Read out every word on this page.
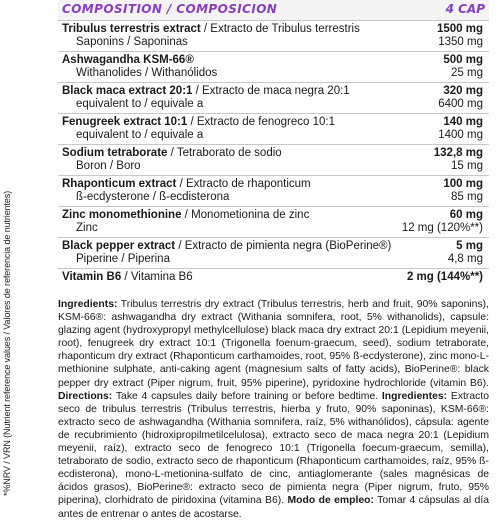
*%NRV / VRN (Nutrient reference values / Valores de referencia de nutrientes)
COMPOSITION / COMPOSICION	4 CAP
Tribulus terrestris extract / Extracto de Tribulus terrestris	1500 mg
Saponins / Saponinas	1350 mg
Ashwagandha KSM-66®	500 mg
Withanolides / Withanólidos	25 mg
Black maca extract 20:1 / Extracto de maca negra 20:1	320 mg
equivalent to / equivale a	6400 mg
Fenugreek extract 10:1 / Extracto de fenogreco 10:1	140 mg
equivalent to / equivale a	1400 mg
Sodium tetraborate / Tetraborato de sodio	132,8 mg
Boron / Boro	15 mg
Rhaponticum extract / Extracto de rhaponticum	100 mg
ß-ecdysterone / ß-ecdisterona	85 mg
Zinc monomethionine / Monometionina de zinc	60 mg
Zinc	12 mg (120%**)
Black pepper extract / Extracto de pimienta negra (BioPerine®)	5 mg
Piperine / Piperina	4,8 mg
Vitamin B6 / Vitamina B6	2 mg (144%**)

Ingredients: Tribulus terrestris dry extract (Tribulus terrestris, herb and fruit, 90% saponins), KSM-66®: ashwagandha dry extract (Withania somnifera, root, 5% withanolids), capsule: glazing agent (hydroxypropyl methylcellulose) black maca dry extract 20:1 (Lepidium meyenii, root), fenugreek dry extract 10:1 (Trigonella foenum-graecum, seed), sodium tetraborate, rhaponticum dry extract (Rhaponticum carthamoides, root, 95% ß-ecdysterone), zinc mono-L-methionine sulphate, anti-caking agent (magnesium salts of fatty acids), BioPerine®: black pepper dry extract (Piper nigrum, fruit, 95% piperine), pyridoxine hydrochloride (vitamin B6). Directions: Take 4 capsules daily before training or before bedtime. Ingredientes: Extracto seco de tribulus terrestris (Tribulus terrestris, hierba y fruto, 90% saponinas), KSM-66®: extracto seco de ashwagandha (Withania somnifera, raíz, 5% withanólidos), cápsula: agente de recubrimiento (hidroxipropilmetilcelulosa), extracto seco de maca negra 20:1 (Lepidium meyenii, raíz), extracto seco de fenogreco 10:1 (Trigonella foecum-graecum, semilla), tetraborato de sodio, extracto seco de rhaponticum (Rhaponticum carthamoides, raíz, 95% ß-ecdisterona), mono-L-metionina-sulfato de cinc, antiaglomerante (sales magnésicas de ácidos grasos), BioPerine®: extracto seco de pimienta negra (Piper nigrum, fruto, 95% piperina), clorhidrato de piridoxina (vitamina B6). Modo de empleo: Tomar 4 cápsulas al día antes de entrenar o antes de acostarse.
